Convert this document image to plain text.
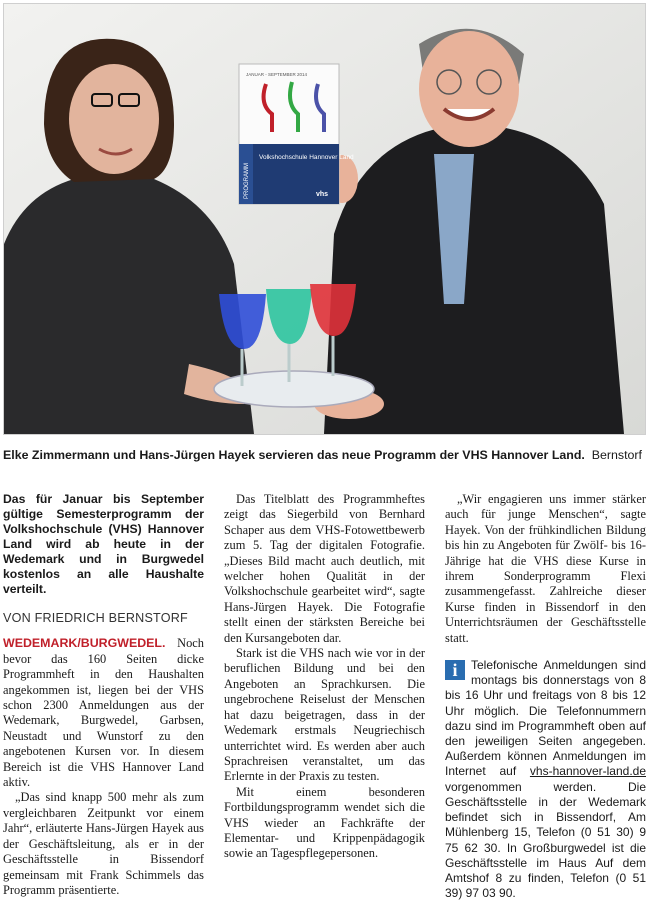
PROGRAMM
Volkshochschule Hannover Land
vhs
JANUAR - SEPTEMBER 2014
Elke Zimmermann und Hans-Jürgen Hayek servieren das neue Programm der VHS Hannover Land. Bernstorf

Das für Januar bis September gültige Semesterprogramm der Volkshochschule (VHS) Hannover Land wird ab heute in der Wedemark und in Burgwedel kostenlos an alle Haushalte verteilt.

VON FRIEDRICH BERNSTORF

WEDEMARK/BURGWEDEL. Noch bevor das 160 Seiten dicke Programmheft in den Haushalten angekommen ist, liegen bei der VHS schon 2300 Anmeldungen aus der Wedemark, Burgwedel, Garbsen, Neustadt und Wunstorf zu den angebotenen Kursen vor. In diesem Bereich ist die VHS Hannover Land aktiv.

„Das sind knapp 500 mehr als zum vergleichbaren Zeitpunkt vor einem Jahr“, erläuterte Hans-Jürgen Hayek aus der Geschäftsleitung, als er in der Geschäftsstelle in Bissendorf gemeinsam mit Frank Schimmels das Programm präsentierte.

Das Titelblatt des Programmheftes zeigt das Siegerbild von Bernhard Schaper aus dem VHS-Fotowettbewerb zum 5. Tag der digitalen Fotografie. „Dieses Bild macht auch deutlich, mit welcher hohen Qualität in der Volkshochschule gearbeitet wird“, sagte Hans-Jürgen Hayek. Die Fotografie stellt einen der stärksten Bereiche bei den Kursangeboten dar.

Stark ist die VHS nach wie vor in der beruflichen Bildung und bei den Angeboten an Sprachkursen. Die ungebrochene Reiselust der Menschen hat dazu beigetragen, dass in der Wedemark erstmals Neugriechisch unterrichtet wird. Es werden aber auch Sprachreisen veranstaltet, um das Erlernte in der Praxis zu testen.

Mit einem besonderen Fortbildungsprogramm wendet sich die VHS wieder an Fachkräfte der Elementar- und Krippenpädagogik sowie an Tagespflegepersonen.

„Wir engagieren uns immer stärker auch für junge Menschen“, sagte Hayek. Von der frühkindlichen Bildung bis hin zu Angeboten für Zwölf- bis 16-Jährige hat die VHS diese Kurse in ihrem Sonderprogramm Flexi zusammengefasst. Zahlreiche dieser Kurse finden in Bissendorf in den Unterrichtsräumen der Geschäftsstelle statt.

i	Telefonische Anmeldungen sind montags bis donnerstags von 8 bis 16 Uhr und freitags von 8 bis 12 Uhr möglich. Die Telefonnummern dazu sind im Programmheft oben auf den jeweiligen Seiten angegeben. Außerdem können Anmeldungen im Internet auf vhs-hannover-land.de vorgenommen werden. Die Geschäftsstelle in der Wedemark befindet sich in Bissendorf, Am Mühlenberg 15, Telefon (0 51 30) 9 75 62 30. In Großburgwedel ist die Geschäftsstelle im Haus Auf dem Amtshof 8 zu finden, Telefon (0 51 39) 97 03 90.
